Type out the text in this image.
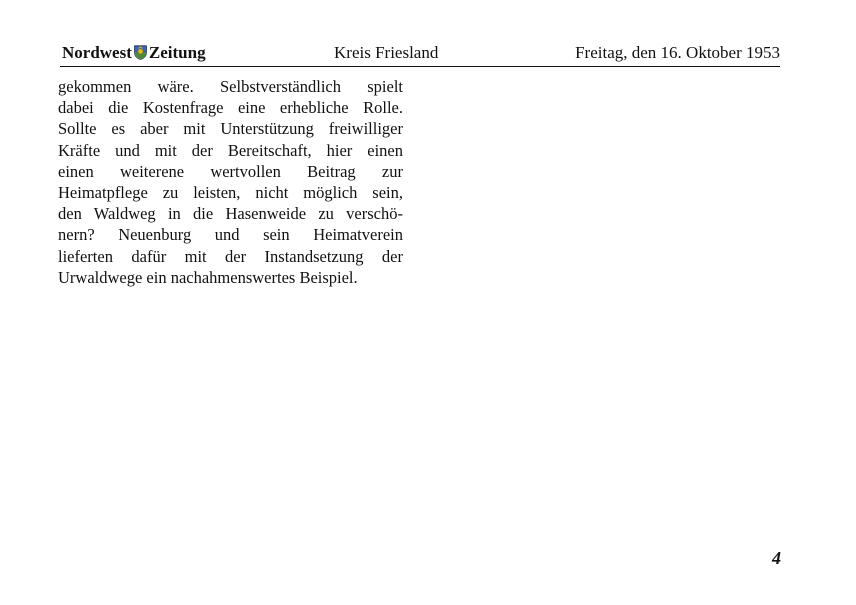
Nordwest Zeitung	Kreis Friesland	Freitag, den 16. Oktober 1953
gekommen wäre. Selbstverständlich spielt
dabei die Kostenfrage eine erhebliche Rolle.
Sollte es aber mit Unterstützung freiwilliger
Kräfte und mit der Bereitschaft, hier einen
einen weiterene wertvollen Beitrag zur
Heimatpflege zu leisten, nicht möglich sein,
den Waldweg in die Hasenweide zu verschö-
nern? Neuenburg und sein Heimatverein
lieferten dafür mit der Instandsetzung der
Urwaldwege ein nachahmenswertes Beispiel.
4
